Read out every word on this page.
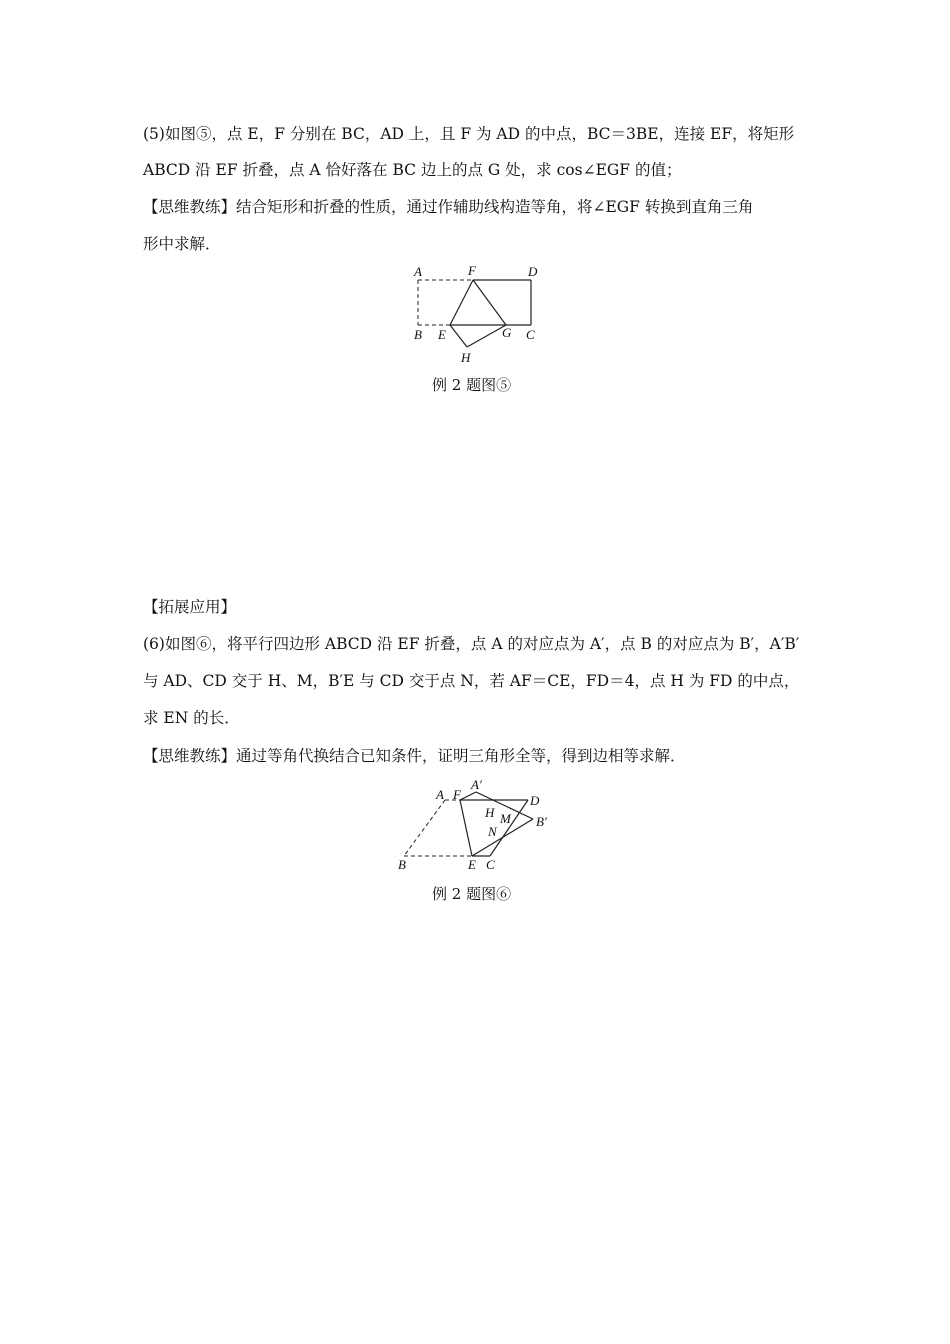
(5)如图⑤，点 E，F 分别在 BC，AD 上，且 F 为 AD 的中点，BC＝3BE，连接 EF，将矩形
ABCD 沿 EF 折叠，点 A 恰好落在 BC 边上的点 G 处，求 cos∠EGF 的值；
【思维教练】结合矩形和折叠的性质，通过作辅助线构造等角，将∠EGF 转换到直角三角
形中求解．
A	F	D
B E	G C
H
例 2 题图⑤
【拓展应用】
(6)如图⑥，将平行四边形 ABCD 沿 EF 折叠，点 A 的对应点为 A′，点 B 的对应点为 B′，A′B′
与 AD、CD 交于 H、M，B′E 与 CD 交于点 N，若 AF＝CE，FD＝4，点 H 为 FD 的中点，
求 EN 的长．
【思维教练】通过等角代换结合已知条件，证明三角形全等，得到边相等求解．
A F
A′
D
H M B′
N
B	E C
例 2 题图⑥
